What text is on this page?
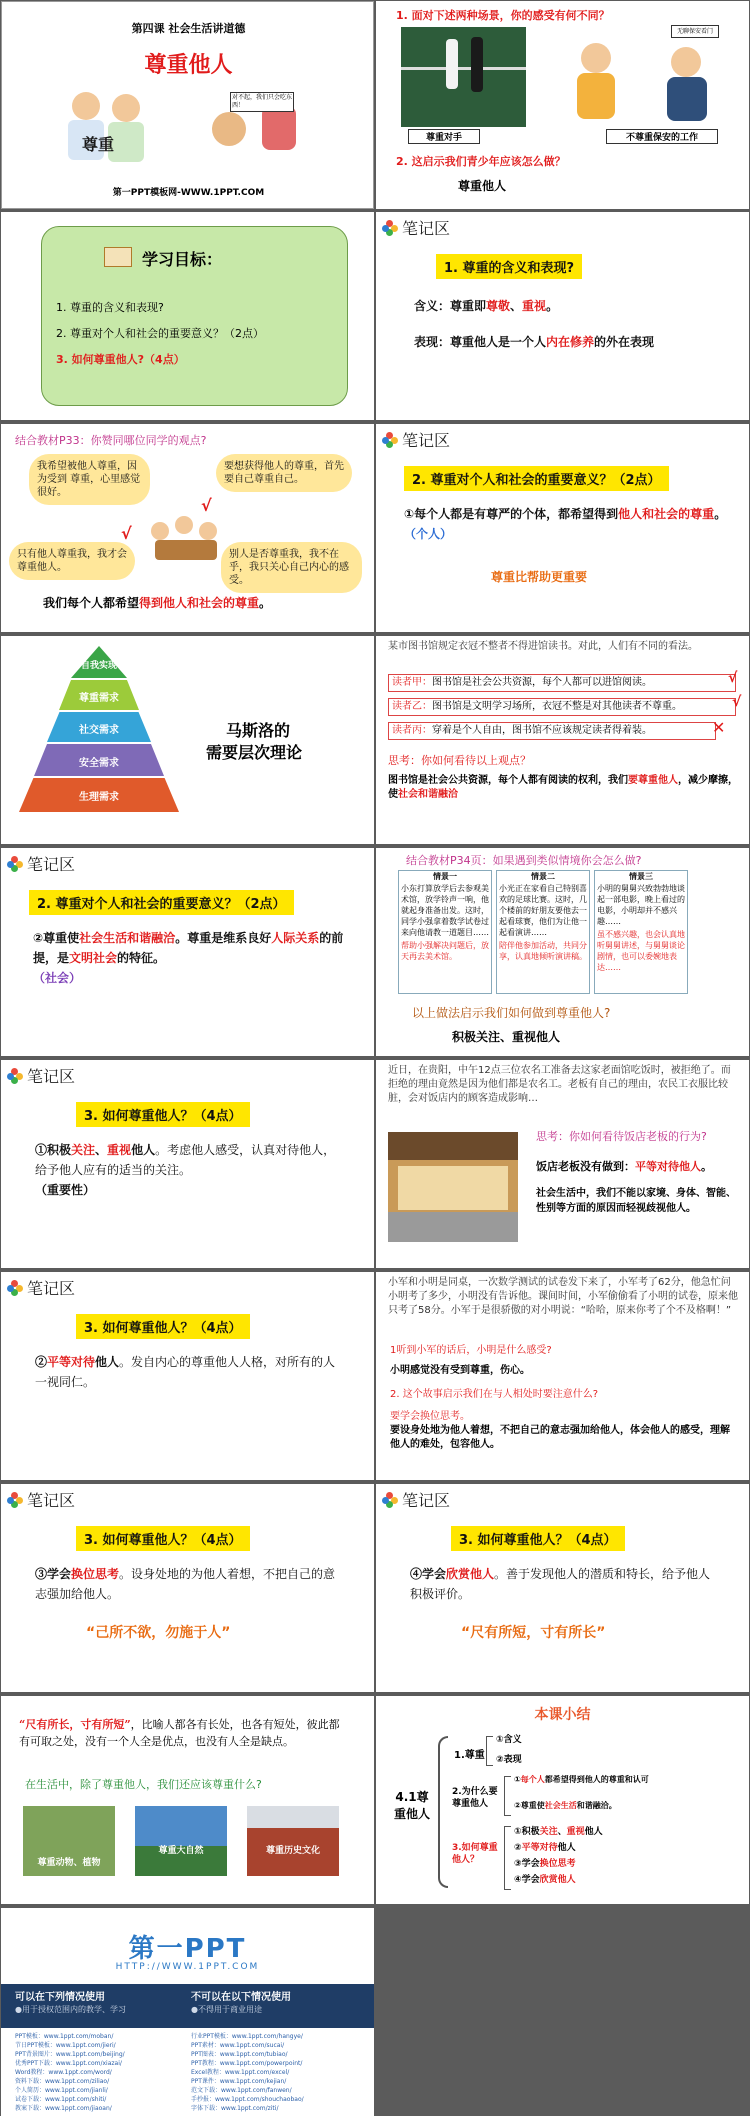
第四课 社会生活讲道德
尊重他人
尊重
对不起，我们只会吃东西！
第一PPT模板网-WWW.1PPT.COM
1. 面对下述两种场景，你的感受有何不同？
尊重对手
无聊保安看门
不尊重保安的工作
2. 这启示我们青少年应该怎么做？
尊重他人
学习目标：
1. 尊重的含义和表现?
2. 尊重对个人和社会的重要意义？（2点）
3. 如何尊重他人?（4点）
笔记区
1. 尊重的含义和表现?
含义：尊重即尊敬、重视。
表现：尊重他人是一个人内在修养的外在表现
结合教材P33：你赞同哪位同学的观点?
我希望被他人尊重，因为受到 尊重，心里感觉很好。
要想获得他人的尊重，首先要自己尊重自己。
只有他人尊重我，我才会尊重他人。
别人是否尊重我，我不在乎，我只关心自己内心的感受。
√
√
我们每个人都希望得到他人和社会的尊重。
笔记区
2. 尊重对个人和社会的重要意义？（2点）
①每个人都是有尊严的个体，都希望得到他人和社会的尊重。（个人）
尊重比帮助更重要
自我实现
尊重需求
社交需求
安全需求
生理需求
马斯洛的
需要层次理论
某市图书馆规定衣冠不整者不得进馆读书。对此，人们有不同的看法。
读者甲：图书馆是社会公共资源，每个人都可以进馆阅读。	√
读者乙：图书馆是文明学习场所，衣冠不整是对其他读者不尊重。	√
读者丙：穿着是个人自由，图书馆不应该规定读者得着装。	✕
思考：你如何看待以上观点？
图书馆是社会公共资源，每个人都有阅读的权利，我们要尊重他人，减少摩擦，使社会和谐融洽
笔记区
2. 尊重对个人和社会的重要意义？（2点）
②尊重使社会生活和谐融洽。尊重是维系良好人际关系的前提，是文明社会的特征。
（社会）
结合教材P34页：如果遇到类似情境你会怎么做?
情景一
小东打算放学后去参观美术馆，放学铃声一响，他就起身准备出发。这时，同学小强拿着数学试卷过来向他请教一道题目……
帮助小强解决问题后，放天再去美术馆。
情景二
小光正在家看自己特别喜欢的足球比赛。这时，几个楼前的好朋友要他去一起看球赛，他们为让他一起看演讲……
陪伴他参加活动，共同分享，认真地倾听演讲稿。
情景三
小明的舅舅兴致勃勃地谈起一部电影，晚上看过的电影，小明却并不感兴趣……
虽不感兴趣，也会认真地听舅舅讲述，与舅舅谈论剧情，也可以委婉地表达……
以上做法启示我们如何做到尊重他人?
积极关注、重视他人
笔记区
3. 如何尊重他人？（4点）
①积极关注、重视他人。考虑他人感受，认真对待他人，给予他人应有的适当的关注。
（重要性）
近日，在贵阳，中午12点三位农名工准备去这家老面馆吃饭时，被拒绝了。而拒绝的理由竟然是因为他们都是农名工。老板有自己的理由，农民工衣服比较脏，会对饭店内的顾客造成影响…
思考：你如何看待饭店老板的行为?
饭店老板没有做到：平等对待他人。
社会生活中，我们不能以家境、身体、智能、性别等方面的原因而轻视歧视他人。
笔记区
3. 如何尊重他人？（4点）
②平等对待他人。发自内心的尊重他人人格，对所有的人一视同仁。
小军和小明是同桌，一次数学测试的试卷发下来了，小军考了62分，他急忙问小明考了多少，小明没有告诉他。课间时间，小军偷偷看了小明的试卷，原来他只考了58分。小军于是很骄傲的对小明说：“哈哈，原来你考了个不及格啊！”
1听到小军的话后，小明是什么感受?
小明感觉没有受到尊重，伤心。
2. 这个故事启示我们在与人相处时要注意什么?
要学会换位思考。
要设身处地为他人着想，不把自己的意志强加给他人，体会他人的感受，理解他人的难处，包容他人。
笔记区
3. 如何尊重他人？（4点）
③学会换位思考。设身处地的为他人着想，不把自己的意志强加给他人。
“己所不欲，勿施于人”
笔记区
3. 如何尊重他人？（4点）
④学会欣赏他人。善于发现他人的潜质和特长，给予他人积极评价。
“尺有所短，寸有所长”
“尺有所长，寸有所短”，比喻人都各有长处，也各有短处，彼此都有可取之处，没有一个人全是优点，也没有人全是缺点。
在生活中，除了尊重他人，我们还应该尊重什么?
尊重动物、植物
尊重大自然	尊重历史文化
本课小结
4.1尊重他人
1.尊重
①含义
②表现
2.为什么要尊重他人
①每个人都希望得到他人的尊重和认可
②尊重使社会生活和谐融洽。
3.如何尊重他人？
①积极关注、重视他人
②平等对待他人
③学会换位思考
④学会欣赏他人
第一PPT
HTTP://WWW.1PPT.COM
可以在下列情况使用
●用于授权范围内的教学、学习
不可以在以下情况使用
●不得用于商业用途
PPT模板：www.1ppt.com/moban/
节日PPT模板：www.1ppt.com/jieri/
PPT背景图片：www.1ppt.com/beijing/
优秀PPT下载：www.1ppt.com/xiazai/
Word教程：www.1ppt.com/word/
资料下载：www.1ppt.com/ziliao/
个人简历：www.1ppt.com/jianli/
试卷下载：www.1ppt.com/shiti/
教案下载：www.1ppt.com/jiaoan/
行业PPT模板：www.1ppt.com/hangye/
PPT素材：www.1ppt.com/sucai/
PPT图表：www.1ppt.com/tubiao/
PPT教程：www.1ppt.com/powerpoint/
Excel教程：www.1ppt.com/excel/
PPT课件：www.1ppt.com/kejian/
范文下载：www.1ppt.com/fanwen/
手抄报：www.1ppt.com/shouchaobao/
字体下载：www.1ppt.com/ziti/
